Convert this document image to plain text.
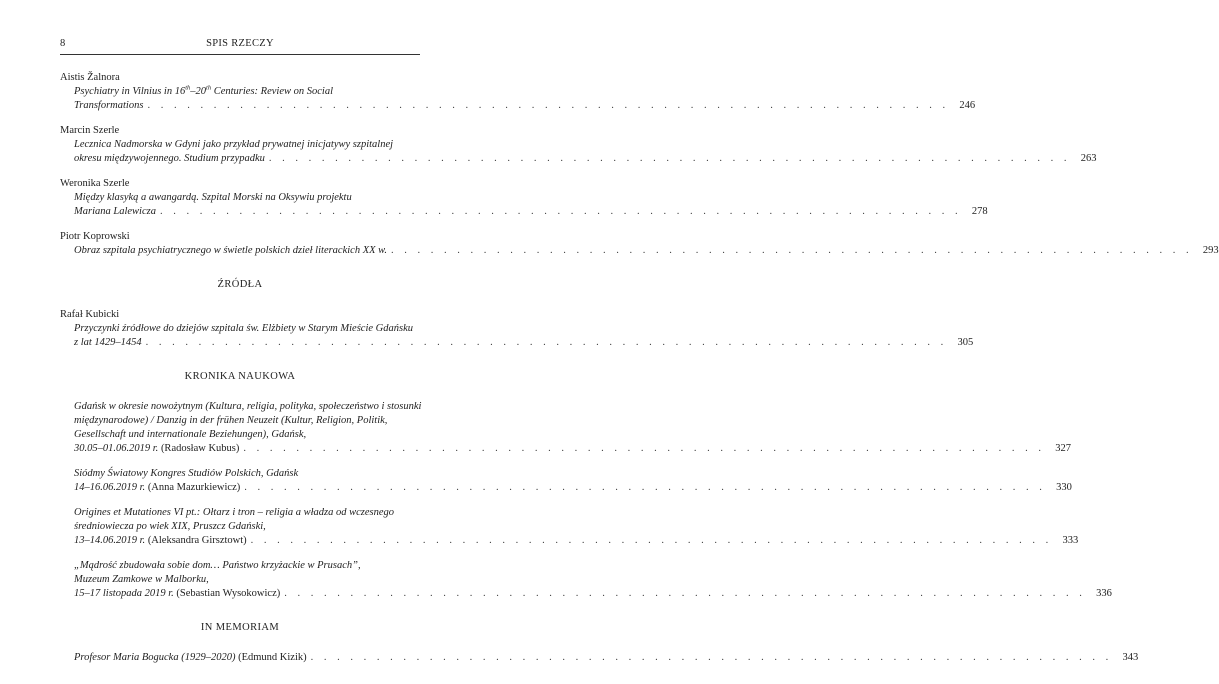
8	SPIS RZECZY
Aistis Žalnora
Psychiatry in Vilnius in 16th–20th Centuries: Review on Social
Transformations . . . . . . . . . . . . . . . . . . . . . . . . . . . . . . . . . . . . . . . . . . . . . . . . . . . . . . . . . . . . . 246
Marcin Szerle
Lecznica Nadmorska w Gdyni jako przykład prywatnej inicjatywy szpitalnej
okresu międzywojennego. Studium przypadku . . . . . . . . . . . . . . . . . . . . . . . . . . . . . . . . . . . . . . . . . . . . . . . . . . . . . . . . . . . . . 263
Weronika Szerle
Między klasyką a awangardą. Szpital Morski na Oksywiu projektu
Mariana Lalewicza . . . . . . . . . . . . . . . . . . . . . . . . . . . . . . . . . . . . . . . . . . . . . . . . . . . . . . . . . . . . . 278
Piotr Koprowski
Obraz szpitala psychiatrycznego w świetle polskich dzieł literackich XX w. . . . . . . . . . . . . . . . . . . . . . . . . . . . . . . . . . . . . . . . . . . . . . . . . . . . . . . . . . . . . . 293
ŹRÓDŁA
Rafał Kubicki
Przyczynki źródłowe do dziejów szpitala św. Elżbiety w Starym Mieście Gdańsku
z lat 1429–1454 . . . . . . . . . . . . . . . . . . . . . . . . . . . . . . . . . . . . . . . . . . . . . . . . . . . . . . . . . . . . . 305
KRONIKA NAUKOWA
Gdańsk w okresie nowożytnym (Kultura, religia, polityka, społeczeństwo i stosunki
międzynarodowe) / Danzig in der frühen Neuzeit (Kultur, Religion, Politik,
Gesellschaft und internationale Beziehungen), Gdańsk,
30.05–01.06.2019 r. (Radosław Kubus) . . . . . . . . . . . . . . . . . . . . . . . . . . . . . . . . . . . . . . . . . . . . . . . . . . . . . . . . . . . . . 327
Siódmy Światowy Kongres Studiów Polskich, Gdańsk
14–16.06.2019 r. (Anna Mazurkiewicz) . . . . . . . . . . . . . . . . . . . . . . . . . . . . . . . . . . . . . . . . . . . . . . . . . . . . . . . . . . . . . 330
Origines et Mutationes VI pt.: Ołtarz i tron – religia a władza od wczesnego
średniowiecza po wiek XIX, Pruszcz Gdański,
13–14.06.2019 r. (Aleksandra Girsztowt) . . . . . . . . . . . . . . . . . . . . . . . . . . . . . . . . . . . . . . . . . . . . . . . . . . . . . . . . . . . . . 333
„Mądrość zbudowała sobie dom… Państwo krzyżackie w Prusach”,
Muzeum Zamkowe w Malborku,
15–17 listopada 2019 r. (Sebastian Wysokowicz) . . . . . . . . . . . . . . . . . . . . . . . . . . . . . . . . . . . . . . . . . . . . . . . . . . . . . . . . . . . . . 336
IN MEMORIAM
Profesor Maria Bogucka (1929–2020) (Edmund Kizik) . . . . . . . . . . . . . . . . . . . . . . . . . . . . . . . . . . . . . . . . . . . . . . . . . . . . . . . . . . . . . 343
